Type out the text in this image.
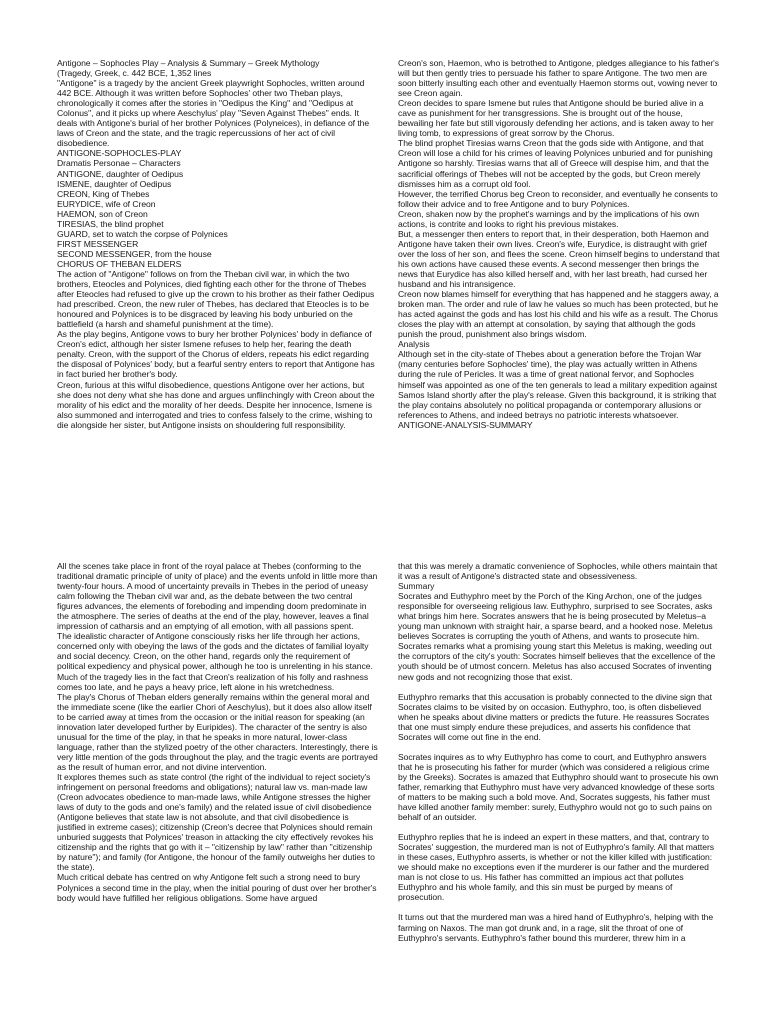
Antigone – Sophocles Play – Analysis & Summary – Greek Mythology

(Tragedy, Greek, c. 442 BCE, 1,352 lines

"Antigone" is a tragedy by the ancient Greek playwright Sophocles, written around 442 BCE. Although it was written before Sophocles' other two Theban plays, chronologically it comes after the stories in "Oedipus the King" and "Oedipus at Colonus", and it picks up where Aeschylus' play "Seven Against Thebes" ends. It deals with Antigone's burial of her brother Polynices (Polyneices), in defiance of the laws of Creon and the state, and the tragic repercussions of her act of civil disobedience.

ANTIGONE-SOPHOCLES-PLAY

Dramatis Personae – Characters

ANTIGONE, daughter of Oedipus

ISMENE, daughter of Oedipus

CREON, King of Thebes

EURYDICE, wife of Creon

HAEMON, son of Creon

TIRESIAS, the blind prophet

GUARD, set to watch the corpse of Polynices

FIRST MESSENGER

SECOND MESSENGER, from the house

CHORUS OF THEBAN ELDERS

The action of "Antigone" follows on from the Theban civil war, in which the two brothers, Eteocles and Polynices, died fighting each other for the throne of Thebes after Eteocles had refused to give up the crown to his brother as their father Oedipus had prescribed. Creon, the new ruler of Thebes, has declared that Eteocles is to be honoured and Polynices is to be disgraced by leaving his body unburied on the battlefield (a harsh and shameful punishment at the time).

As the play begins, Antigone vows to bury her brother Polynices' body in defiance of Creon's edict, although her sister Ismene refuses to help her, fearing the death penalty. Creon, with the support of the Chorus of elders, repeats his edict regarding the disposal of Polynices' body, but a fearful sentry enters to report that Antigone has in fact buried her brother's body.

Creon, furious at this wilful disobedience, questions Antigone over her actions, but she does not deny what she has done and argues unflinchingly with Creon about the morality of his edict and the morality of her deeds. Despite her innocence, Ismene is also summoned and interrogated and tries to confess falsely to the crime, wishing to die alongside her sister, but Antigone insists on shouldering full responsibility.

Creon's son, Haemon, who is betrothed to Antigone, pledges allegiance to his father's will but then gently tries to persuade his father to spare Antigone. The two men are soon bitterly insulting each other and eventually Haemon storms out, vowing never to see Creon again.

Creon decides to spare Ismene but rules that Antigone should be buried alive in a cave as punishment for her transgressions. She is brought out of the house, bewailing her fate but still vigorously defending her actions, and is taken away to her living tomb, to expressions of great sorrow by the Chorus.

The blind prophet Tiresias warns Creon that the gods side with Antigone, and that Creon will lose a child for his crimes of leaving Polynices unburied and for punishing Antigone so harshly. Tiresias warns that all of Greece will despise him, and that the sacrificial offerings of Thebes will not be accepted by the gods, but Creon merely dismisses him as a corrupt old fool.

However, the terrified Chorus beg Creon to reconsider, and eventually he consents to follow their advice and to free Antigone and to bury Polynices.

Creon, shaken now by the prophet's warnings and by the implications of his own actions, is contrite and looks to right his previous mistakes.

But, a messenger then enters to report that, in their desperation, both Haemon and Antigone have taken their own lives. Creon's wife, Eurydice, is distraught with grief over the loss of her son, and flees the scene. Creon himself begins to understand that his own actions have caused these events. A second messenger then brings the news that Eurydice has also killed herself and, with her last breath, had cursed her husband and his intransigence.

Creon now blames himself for everything that has happened and he staggers away, a broken man. The order and rule of law he values so much has been protected, but he has acted against the gods and has lost his child and his wife as a result. The Chorus closes the play with an attempt at consolation, by saying that although the gods punish the proud, punishment also brings wisdom.

Analysis

Although set in the city-state of Thebes about a generation before the Trojan War (many centuries before Sophocles' time), the play was actually written in Athens during the rule of Pericles. It was a time of great national fervor, and Sophocles himself was appointed as one of the ten generals to lead a military expedition against Samos Island shortly after the play's release. Given this background, it is striking that the play contains absolutely no political propaganda or contemporary allusions or references to Athens, and indeed betrays no patriotic interests whatsoever.

ANTIGONE-ANALYSIS-SUMMARY

All the scenes take place in front of the royal palace at Thebes (conforming to the traditional dramatic principle of unity of place) and the events unfold in little more than twenty-four hours. A mood of uncertainty prevails in Thebes in the period of uneasy calm following the Theban civil war and, as the debate between the two central figures advances, the elements of foreboding and impending doom predominate in the atmosphere. The series of deaths at the end of the play, however, leaves a final impression of catharsis and an emptying of all emotion, with all passions spent.

The idealistic character of Antigone consciously risks her life through her actions, concerned only with obeying the laws of the gods and the dictates of familial loyalty and social decency. Creon, on the other hand, regards only the requirement of political expediency and physical power, although he too is unrelenting in his stance. Much of the tragedy lies in the fact that Creon's realization of his folly and rashness comes too late, and he pays a heavy price, left alone in his wretchedness.

The play's Chorus of Theban elders generally remains within the general moral and the immediate scene (like the earlier Chori of Aeschylus), but it does also allow itself to be carried away at times from the occasion or the initial reason for speaking (an innovation later developed further by Euripides). The character of the sentry is also unusual for the time of the play, in that he speaks in more natural, lower-class language, rather than the stylized poetry of the other characters. Interestingly, there is very little mention of the gods throughout the play, and the tragic events are portrayed as the result of human error, and not divine intervention.

It explores themes such as state control (the right of the individual to reject society's infringement on personal freedoms and obligations); natural law vs. man-made law (Creon advocates obedience to man-made laws, while Antigone stresses the higher laws of duty to the gods and one's family) and the related issue of civil disobedience (Antigone believes that state law is not absolute, and that civil disobedience is justified in extreme cases); citizenship (Creon's decree that Polynices should remain unburied suggests that Polynices' treason in attacking the city effectively revokes his citizenship and the rights that go with it – "citizenship by law" rather than "citizenship by nature"); and family (for Antigone, the honour of the family outweighs her duties to the state).

Much critical debate has centred on why Antigone felt such a strong need to bury Polynices a second time in the play, when the initial pouring of dust over her brother's body would have fulfilled her religious obligations. Some have argued

that this was merely a dramatic convenience of Sophocles, while others maintain that it was a result of Antigone's distracted state and obsessiveness.

Summary

Socrates and Euthyphro meet by the Porch of the King Archon, one of the judges responsible for overseeing religious law. Euthyphro, surprised to see Socrates, asks what brings him here. Socrates answers that he is being prosecuted by Meletus–a young man unknown with straight hair, a sparse beard, and a hooked nose. Meletus believes Socrates is corrupting the youth of Athens, and wants to prosecute him. Socrates remarks what a promising young start this Meletus is making, weeding out the corruptors of the city's youth: Socrates himself believes that the excellence of the youth should be of utmost concern. Meletus has also accused Socrates of inventing new gods and not recognizing those that exist.

Euthyphro remarks that this accusation is probably connected to the divine sign that Socrates claims to be visited by on occasion. Euthyphro, too, is often disbelieved when he speaks about divine matters or predicts the future. He reassures Socrates that one must simply endure these prejudices, and asserts his confidence that Socrates will come out fine in the end.

Socrates inquires as to why Euthyphro has come to court, and Euthyphro answers that he is prosecuting his father for murder (which was considered a religious crime by the Greeks). Socrates is amazed that Euthyphro should want to prosecute his own father, remarking that Euthyphro must have very advanced knowledge of these sorts of matters to be making such a bold move. And, Socrates suggests, his father must have killed another family member: surely, Euthyphro would not go to such pains on behalf of an outsider.

Euthyphro replies that he is indeed an expert in these matters, and that, contrary to Socrates' suggestion, the murdered man is not of Euthyphro's family. All that matters in these cases, Euthyphro asserts, is whether or not the killer killed with justification: we should make no exceptions even if the murderer is our father and the murdered man is not close to us. His father has committed an impious act that pollutes Euthyphro and his whole family, and this sin must be purged by means of prosecution.

It turns out that the murdered man was a hired hand of Euthyphro's, helping with the farming on Naxos. The man got drunk and, in a rage, slit the throat of one of Euthyphro's servants. Euthyphro's father bound this murderer, threw him in a
